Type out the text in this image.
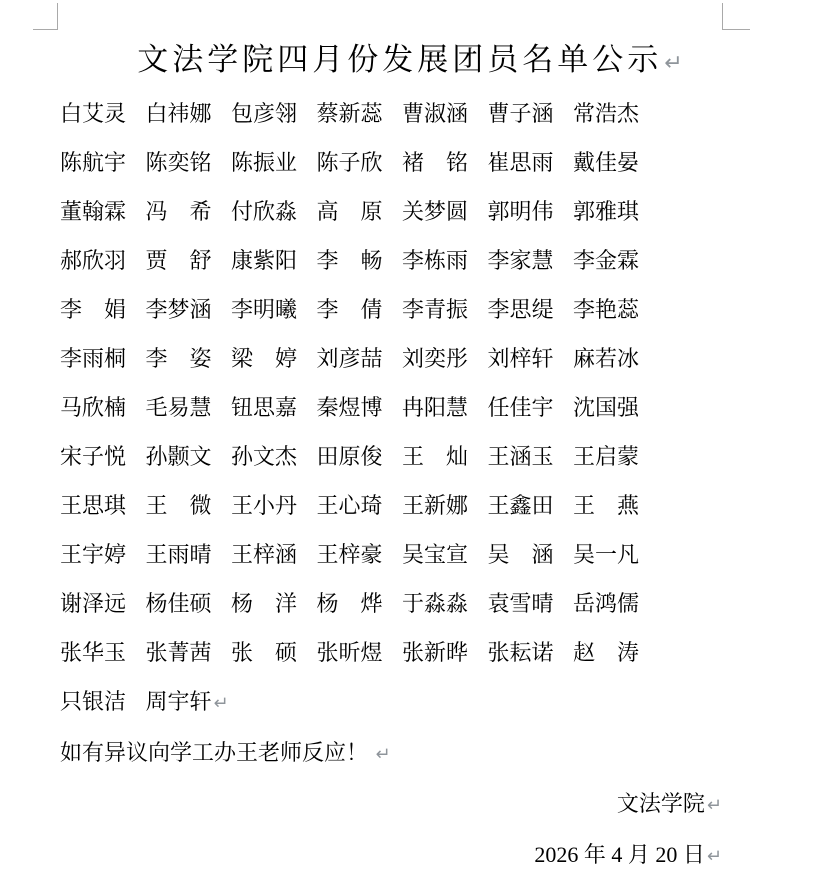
文法学院四月份发展团员名单公示↵
白艾灵 白祎娜 包彦翎 蔡新蕊 曹淑涵 曹子涵 常浩杰
陈航宇 陈奕铭 陈振业 陈子欣 褚　铭 崔思雨 戴佳晏
董翰霖 冯　希 付欣淼 高　原 关梦圆 郭明伟 郭雅琪
郝欣羽 贾　舒 康紫阳 李　畅 李栋雨 李家慧 李金霖
李　娟 李梦涵 李明曦 李　倩 李青振 李思缇 李艳蕊
李雨桐 李　姿 梁　婷 刘彦喆 刘奕彤 刘梓轩 麻若冰
马欣楠 毛易慧 钮思嘉 秦煜博 冉阳慧 任佳宇 沈国强
宋子悦 孙颢文 孙文杰 田原俊 王　灿 王涵玉 王启蒙
王思琪 王　微 王小丹 王心琦 王新娜 王鑫田 王　燕
王宇婷 王雨晴 王梓涵 王梓豪 吴宝宣 吴　涵 吴一凡
谢泽远 杨佳硕 杨　洋 杨　烨 于淼淼 袁雪晴 岳鸿儒
张华玉 张菁茜 张　硕 张昕煜 张新晔 张耘诺 赵　涛
只银洁 周宇轩 ↵
如有异议向学工办王老师反应！ ↵
文法学院 ↵
2026 年 4 月 20 日 ↵
